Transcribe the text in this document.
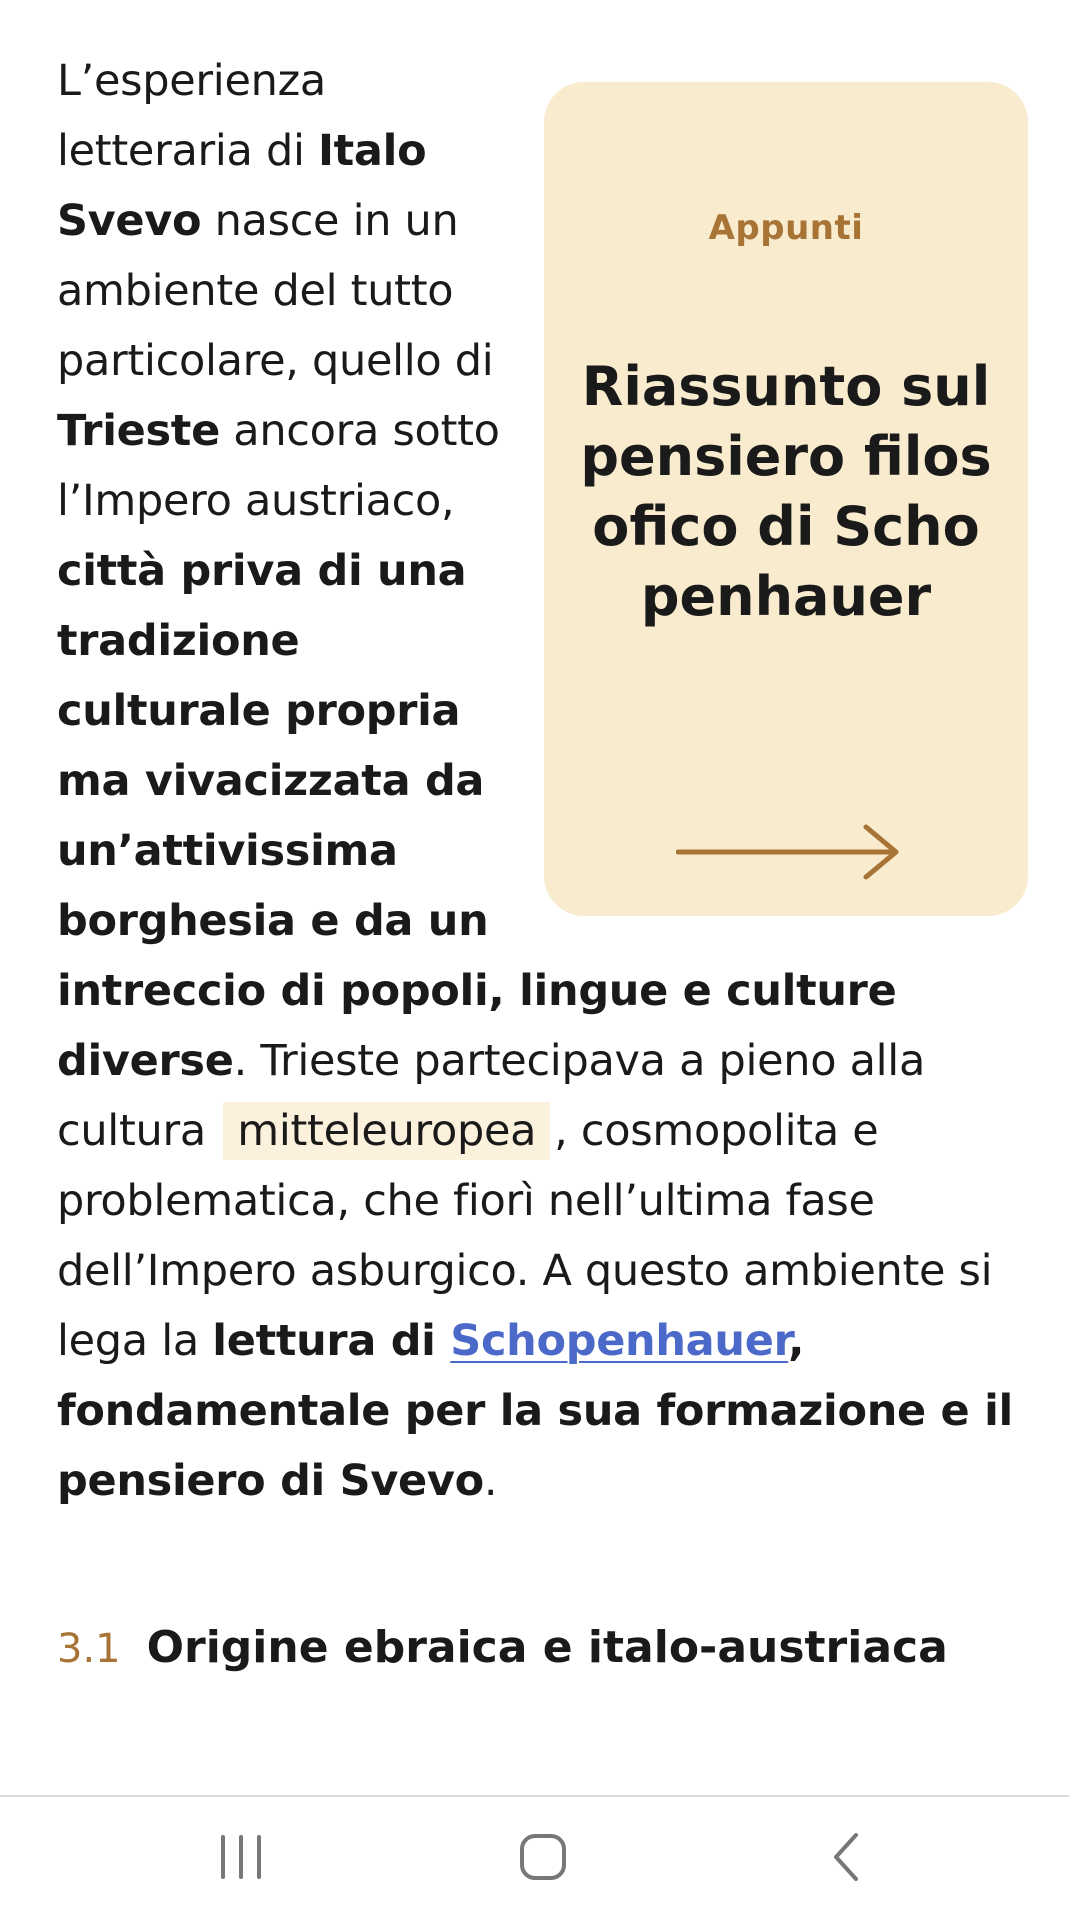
Appunti
Riassunto sul pensiero filosofico di Schopenhauer

L’esperienza letteraria di Italo Svevo nasce in un ambiente del tutto particolare, quello di Trieste ancora sotto l’Impero austriaco, città priva di una tradizione culturale propria ma vivacizzata da un’attivissima borghesia e da un intreccio di popoli, lingue e culture diverse. Trieste partecipava a pieno alla cultura mitteleuropea , cosmopolita e problematica, che fiorì nell’ultima fase dell’Impero asburgico. A questo ambiente si lega la lettura di Schopenhauer, fondamentale per la sua formazione e il pensiero di Svevo.

3.1 Origine ebraica e italo-austriaca
